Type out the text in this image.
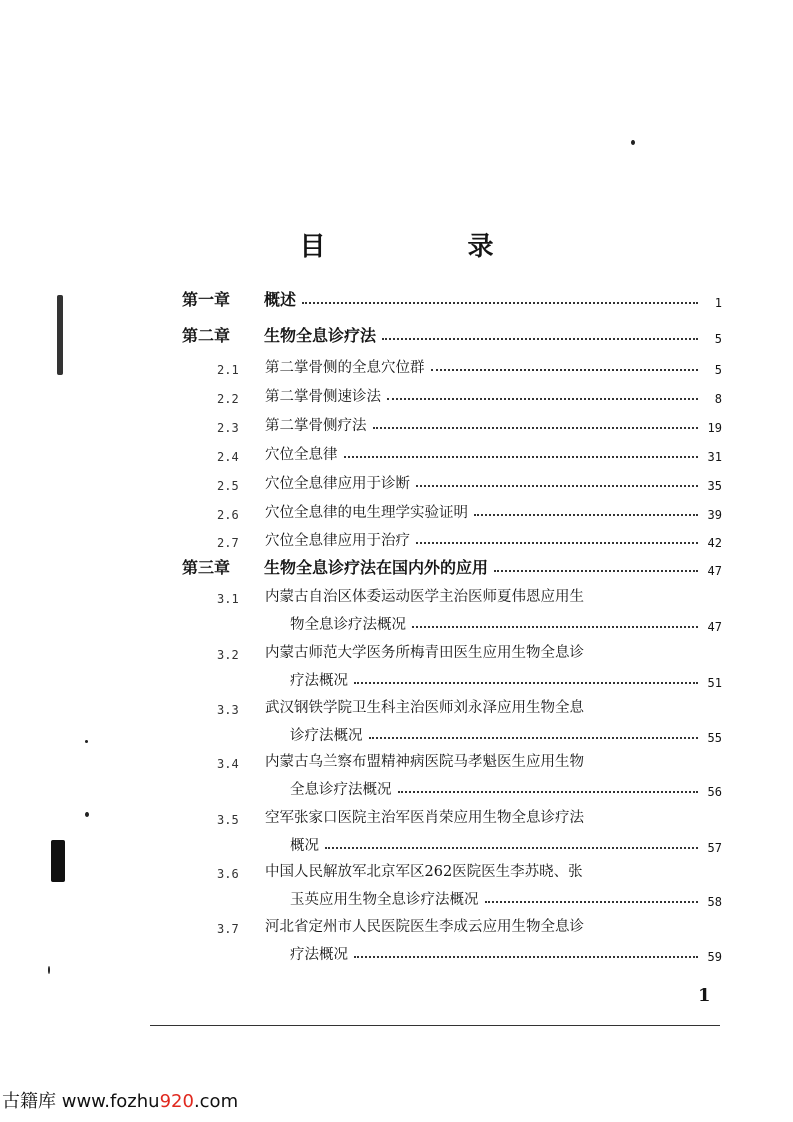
目　录
第一章	概述	1
第二章	生物全息诊疗法	5
2.1	第二掌骨侧的全息穴位群	5
2.2	第二掌骨侧速诊法	8
2.3	第二掌骨侧疗法	19
2.4	穴位全息律	31
2.5	穴位全息律应用于诊断	35
2.6	穴位全息律的电生理学实验证明	39
2.7	穴位全息律应用于治疗	42
第三章	生物全息诊疗法在国内外的应用	47
3.1	内蒙古自治区体委运动医学主治医师夏伟恩应用生
物全息诊疗法概况	47
3.2	内蒙古师范大学医务所梅青田医生应用生物全息诊
疗法概况	51
3.3	武汉钢铁学院卫生科主治医师刘永泽应用生物全息
诊疗法概况	55
3.4	内蒙古乌兰察布盟精神病医院马孝魁医生应用生物
全息诊疗法概况	56
3.5	空军张家口医院主治军医肖荣应用生物全息诊疗法
概况	57
3.6	中国人民解放军北京军区262医院医生李苏晓、张
玉英应用生物全息诊疗法概况	58
3.7	河北省定州市人民医院医生李成云应用生物全息诊
疗法概况	59
1
古籍库 www.fozhu920.com
